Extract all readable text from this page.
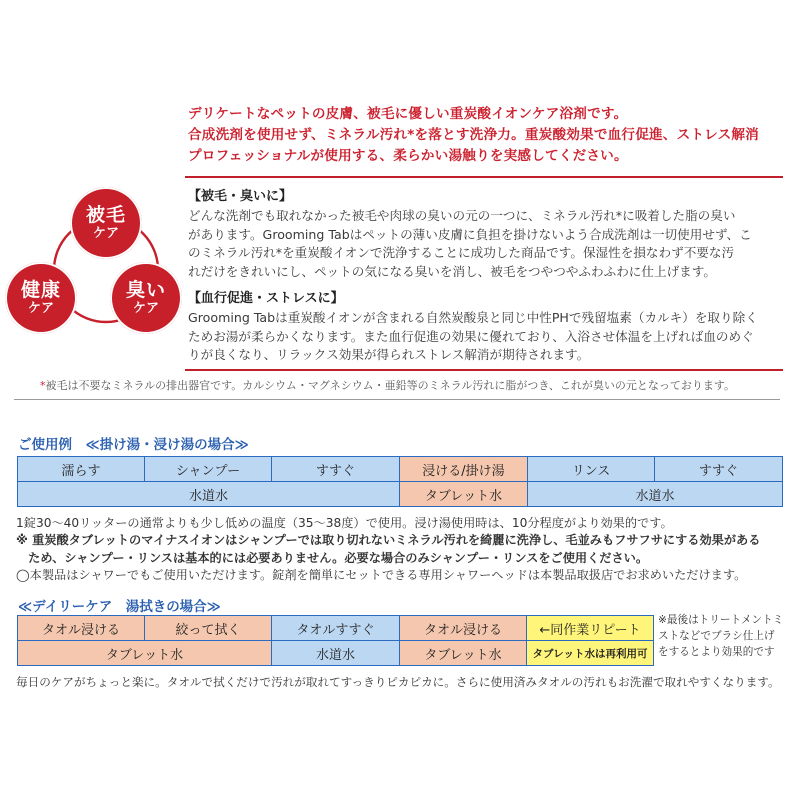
デリケートなペットの皮膚、被毛に優しい重炭酸イオンケア浴剤です。
合成洗剤を使用せず、ミネラル汚れ*を落とす洗浄力。重炭酸効果で血行促進、ストレス解消
プロフェッショナルが使用する、柔らかい湯触りを実感してください。
被毛
ケア
健康
ケア
臭い
ケア
【被毛・臭いに】
どんな洗剤でも取れなかった被毛や肉球の臭いの元の一つに、ミネラル汚れ*に吸着した脂の臭い
があります。Grooming Tabはペットの薄い皮膚に負担を掛けないよう合成洗剤は一切使用せず、こ
のミネラル汚れ*を重炭酸イオンで洗浄することに成功した商品です。保湿性を損なわず不要な汚
れだけをきれいにし、ペットの気になる臭いを消し、被毛をつやつやふわふわに仕上げます。
【血行促進・ストレスに】
Grooming Tabは重炭酸イオンが含まれる自然炭酸泉と同じ中性PHで残留塩素（カルキ）を取り除く
ためお湯が柔らかくなります。また血行促進の効果に優れており、入浴させ体温を上げれば血のめぐ
りが良くなり、リラックス効果が得られストレス解消が期待されます。
*被毛は不要なミネラルの排出器官です。カルシウム・マグネシウム・亜鉛等のミネラル汚れに脂がつき、これが臭いの元となっております。
ご使用例　≪掛け湯・浸け湯の場合≫
濡らす	シャンプー	すすぐ	浸ける/掛け湯	リンス	すすぐ
水道水			タブレット水	水道水	
1錠30〜40リッターの通常よりも少し低めの温度（35〜38度）で使用。浸け湯使用時は、10分程度がより効果的です。
※ 重炭酸タブレットのマイナスイオンはシャンプーでは取り切れないミネラル汚れを綺麗に洗浄し、毛並みもフサフサにする効果がある
　ため、シャンプー・リンスは基本的には必要ありません。必要な場合のみシャンプー・リンスをご使用ください。
◯本製品はシャワーでもご使用いただけます。錠剤を簡単にセットできる専用シャワーヘッドは本製品取扱店でお求めいただけます。
≪デイリーケア　湯拭きの場合≫
タオル浸ける	絞って拭く	タオルすすぐ	タオル浸ける	←同作業リピート
タブレット水		水道水	タブレット水	タブレット水は再利用可
※最後はトリートメントミ
ストなどでブラシ仕上げ
をするとより効果的です
毎日のケアがちょっと楽に。タオルで拭くだけで汚れが取れてすっきりピカピカに。さらに使用済みタオルの汚れもお洗濯で取れやすくなります。
